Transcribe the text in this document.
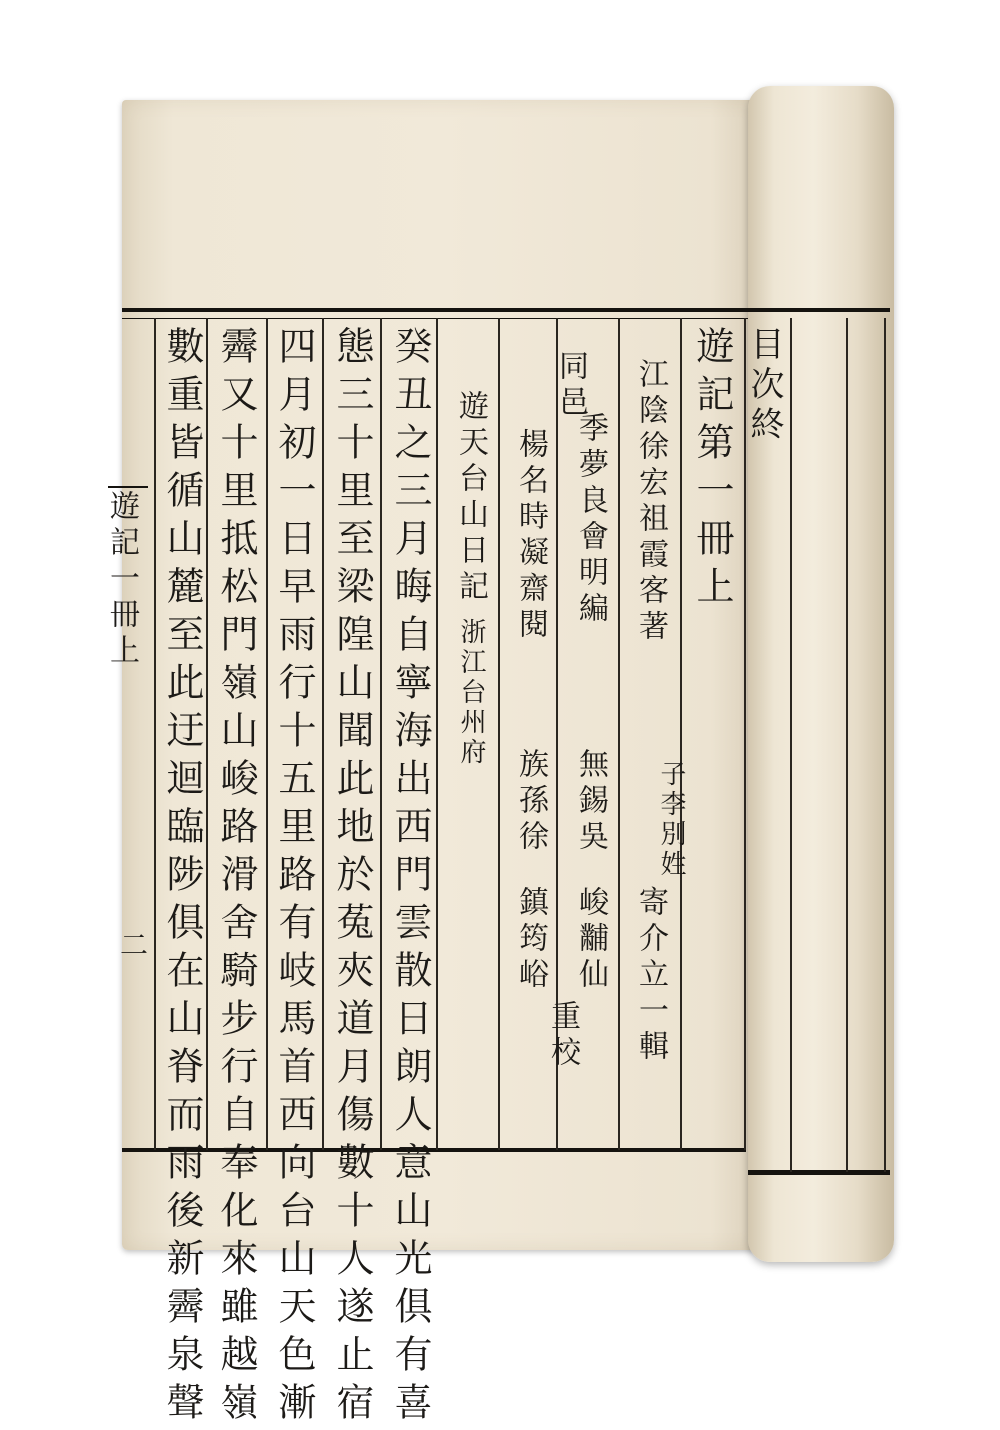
遊記一冊上
二
目次終
遊記第一冊上
江陰徐宏祖霞客著
子李別姓
寄介立一輯
季夢良會明編
無錫吳
峻黼仙
同邑
楊名時凝齋閱
族孫徐
鎮筠峪
重校
遊天台山日記
浙江台州府
癸丑之三月晦自寧海出西門雲散日朗人意山光俱有喜
態三十里至梁隍山聞此地於菟夾道月傷數十人遂止宿
四月初一日早雨行十五里路有岐馬首西向台山天色漸
霽又十里抵松門嶺山峻路滑舍騎步行自奉化來雖越嶺
數重皆循山麓至此迂迴臨陟俱在山脊而雨後新霽泉聲
